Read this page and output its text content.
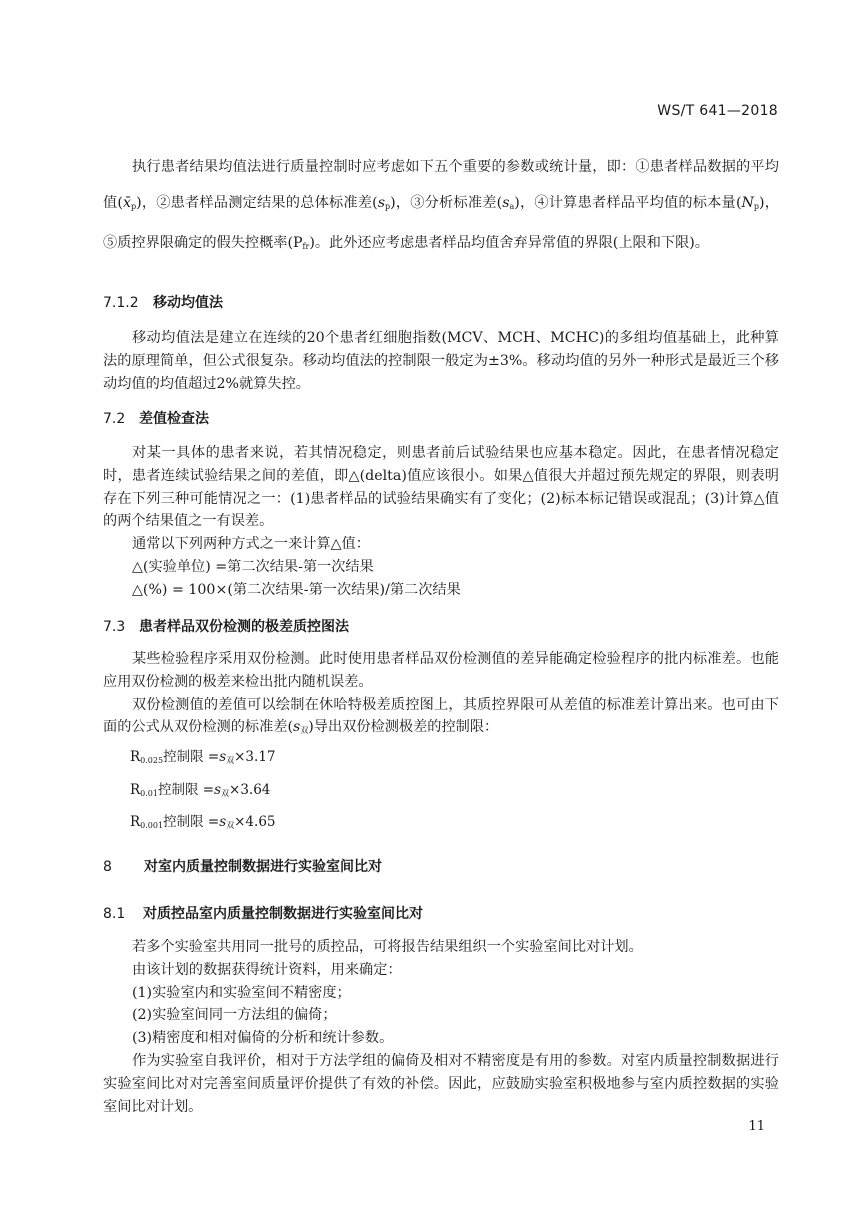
WS/T 641—2018

执行患者结果均值法进行质量控制时应考虑如下五个重要的参数或统计量，即：①患者样品数据的平均值$(x̄_p)$，②患者样品测定结果的总体标准差$(s_p)$，③分析标准差$(s_a)$，④计算患者样品平均值的标本量$(N_p)$，⑤质控界限确定的假失控概率$(P_{fr})$。此外还应考虑患者样品均值舍弃异常值的界限(上限和下限)。

7.1.2 移动均值法

移动均值法是建立在连续的20个患者红细胞指数(MCV、MCH、MCHC)的多组均值基础上，此种算法的原理简单，但公式很复杂。移动均值法的控制限一般定为±3%。移动均值的另外一种形式是最近三个移动均值的均值超过2%就算失控。

7.2 差值检查法

对某一具体的患者来说，若其情况稳定，则患者前后试验结果也应基本稳定。因此，在患者情况稳定时，患者连续试验结果之间的差值，即△(delta)值应该很小。如果△值很大并超过预先规定的界限，则表明存在下列三种可能情况之一：(1)患者样品的试验结果确实有了变化；(2)标本标记错误或混乱；(3)计算△值的两个结果值之一有误差。

通常以下列两种方式之一来计算△值：

△(实验单位) =第二次结果-第一次结果

△(%) = 100×(第二次结果-第一次结果)/第二次结果

7.3 患者样品双份检测的极差质控图法

某些检验程序采用双份检测。此时使用患者样品双份检测值的差异能确定检验程序的批内标准差。也能应用双份检测的极差来检出批内随机误差。

双份检测值的差值可以绘制在休哈特极差质控图上，其质控界限可从差值的标准差计算出来。也可由下面的公式从双份检测的标准差$(s_双)$导出双份检测极差的控制限：

$R_{0.025}$控制限 $=s_双\times 3.17$
$R_{0.01}$控制限 $=s_双\times 3.64$
$R_{0.001}$控制限 $=s_双\times 4.65$
8 对室内质量控制数据进行实验室间比对
8.1 对质控品室内质量控制数据进行实验室间比对

若多个实验室共用同一批号的质控品，可将报告结果组织一个实验室间比对计划。

由该计划的数据获得统计资料，用来确定：

(1)实验室内和实验室间不精密度；

(2)实验室间同一方法组的偏倚；

(3)精密度和相对偏倚的分析和统计参数。

作为实验室自我评价，相对于方法学组的偏倚及相对不精密度是有用的参数。对室内质量控制数据进行实验室间比对对完善室间质量评价提供了有效的补偿。因此，应鼓励实验室积极地参与室内质控数据的实验室间比对计划。

11
